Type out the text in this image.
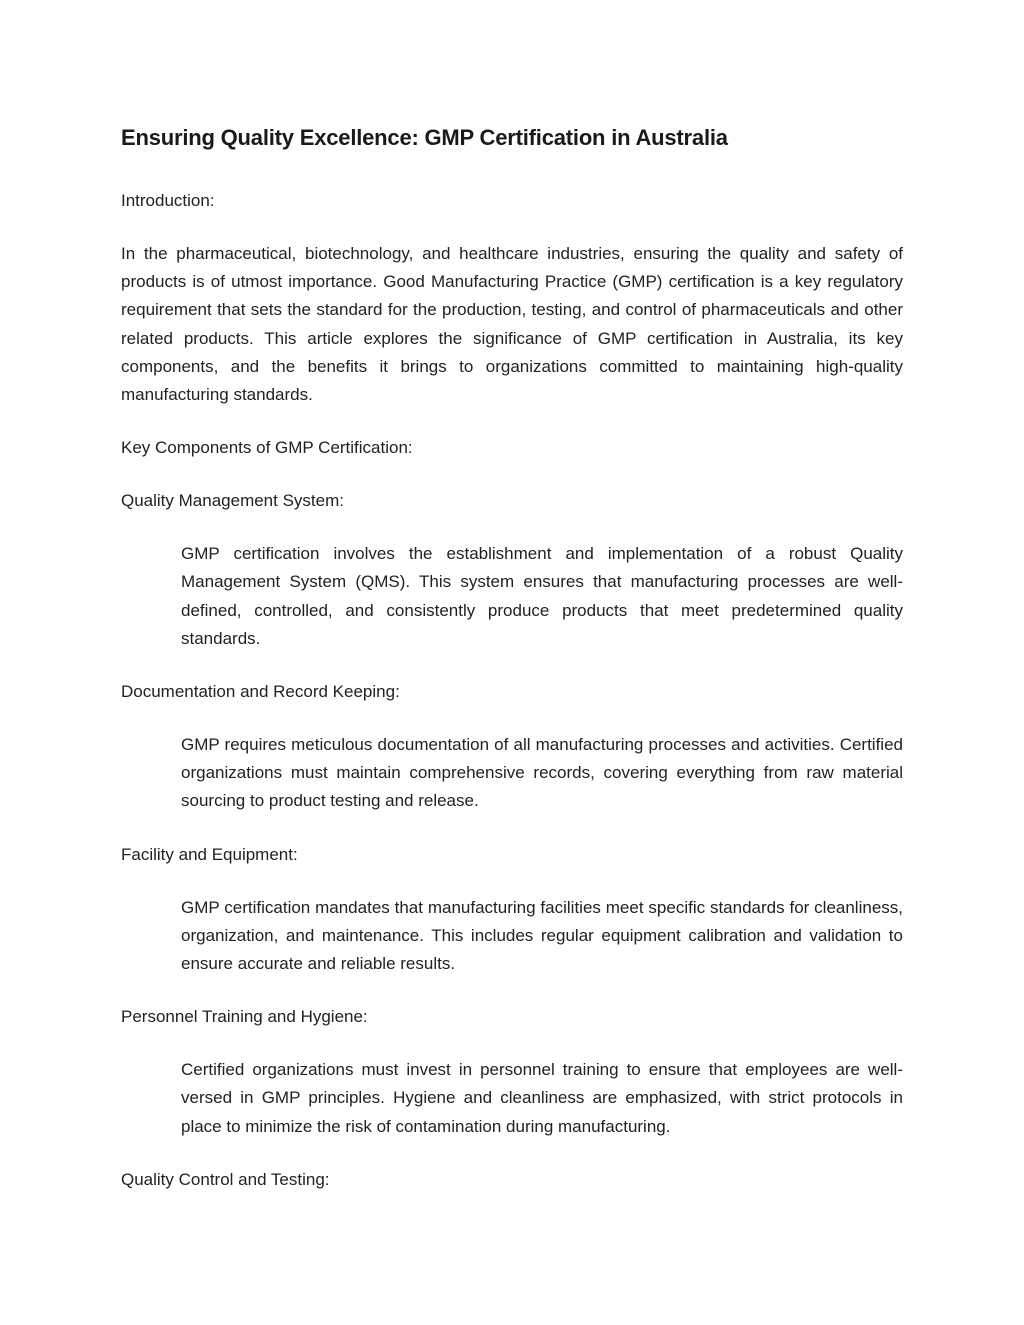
Ensuring Quality Excellence: GMP Certification in Australia

Introduction:

In the pharmaceutical, biotechnology, and healthcare industries, ensuring the quality and safety of products is of utmost importance. Good Manufacturing Practice (GMP) certification is a key regulatory requirement that sets the standard for the production, testing, and control of pharmaceuticals and other related products. This article explores the significance of GMP certification in Australia, its key components, and the benefits it brings to organizations committed to maintaining high-quality manufacturing standards.

Key Components of GMP Certification:

Quality Management System:

GMP certification involves the establishment and implementation of a robust Quality Management System (QMS). This system ensures that manufacturing processes are well-defined, controlled, and consistently produce products that meet predetermined quality standards.

Documentation and Record Keeping:

GMP requires meticulous documentation of all manufacturing processes and activities. Certified organizations must maintain comprehensive records, covering everything from raw material sourcing to product testing and release.

Facility and Equipment:

GMP certification mandates that manufacturing facilities meet specific standards for cleanliness, organization, and maintenance. This includes regular equipment calibration and validation to ensure accurate and reliable results.

Personnel Training and Hygiene:

Certified organizations must invest in personnel training to ensure that employees are well-versed in GMP principles. Hygiene and cleanliness are emphasized, with strict protocols in place to minimize the risk of contamination during manufacturing.

Quality Control and Testing:
